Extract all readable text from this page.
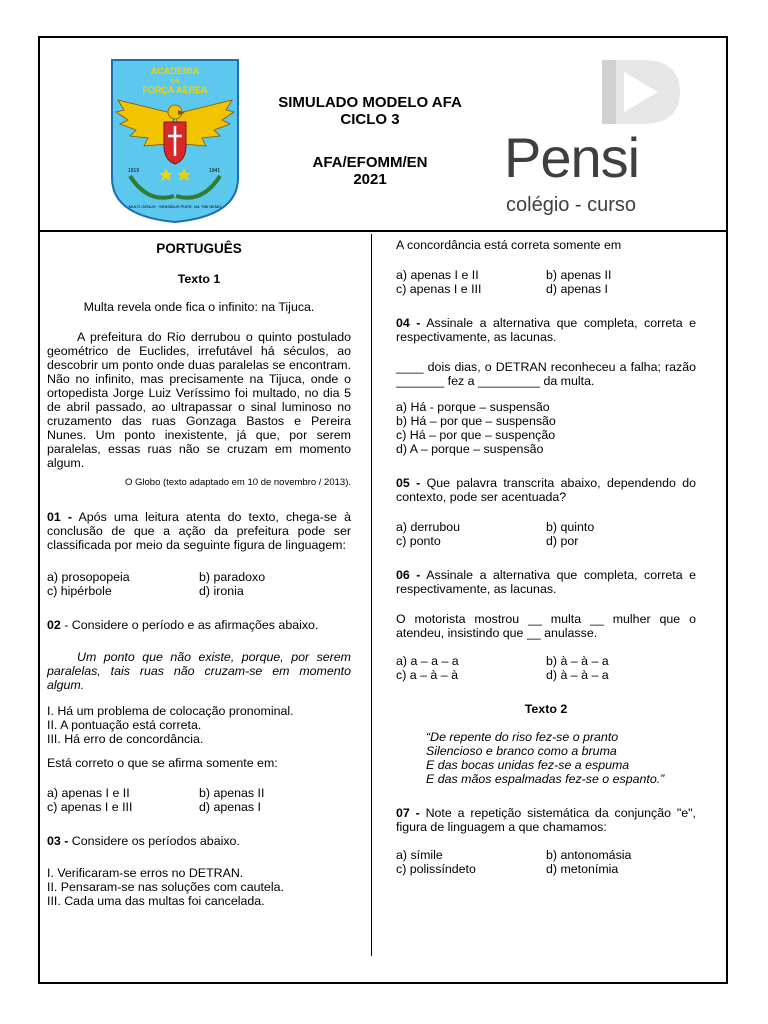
ACADEMIA
DA
FORÇA AÉREA
1919	1941
MULTI GENUS · SENSIBUS PUER, NIL TIBI NEMO
SIMULADO MODELO AFA
CICLO 3
AFA/EFOMM/EN
2021	Pensi
colégio - curso

PORTUGUÊS

Texto 1

Multa revela onde fica o infinito: na Tijuca.

A prefeitura do Rio derrubou o quinto postulado geométrico de Euclides, irrefutável há séculos, ao descobrir um ponto onde duas paralelas se encontram. Não no infinito, mas precisamente na Tijuca, onde o ortopedista Jorge Luiz Veríssimo foi multado, no dia 5 de abril passado, ao ultrapassar o sinal luminoso no cruzamento das ruas Gonzaga Bastos e Pereira Nunes. Um ponto inexistente, já que, por serem paralelas, essas ruas não se cruzam em momento algum.

O Globo (texto adaptado em 10 de novembro / 2013).

01 - Após uma leitura atenta do texto, chega-se à conclusão de que a ação da prefeitura pode ser classificada por meio da seguinte figura de linguagem:

a) prosopopeia	b) paradoxo
c) hipérbole	d) ironia

02 - Considere o período e as afirmações abaixo.

Um ponto que não existe, porque, por serem paralelas, tais ruas não cruzam-se em momento algum.

I. Há um problema de colocação pronominal.

II. A pontuação está correta.

III. Há erro de concordância.

Está correto o que se afirma somente em:

a) apenas I e II	b) apenas II
c) apenas I e III	d) apenas I

03 - Considere os períodos abaixo.

I. Verificaram-se erros no DETRAN.

II. Pensaram-se nas soluções com cautela.

III. Cada uma das multas foi cancelada.

A concordância está correta somente em

a) apenas I e II	b) apenas II
c) apenas I e III	d) apenas I

04 - Assinale a alternativa que completa, correta e respectivamente, as lacunas.

____ dois dias, o DETRAN reconheceu a falha; razão _______ fez a _________ da multa.

a) Há - porque – suspensão

b) Há – por que – suspensão

c) Há – por que – suspenção

d) A – porque – suspensão

05 - Que palavra transcrita abaixo, dependendo do contexto, pode ser acentuada?

a) derrubou	b) quinto
c) ponto	d) por

06 - Assinale a alternativa que completa, correta e respectivamente, as lacunas.

O motorista mostrou __ multa __ mulher que o atendeu, insistindo que __ anulasse.

a) a – a – a	b) à – à – a
c) a – à – à	d) à – à – a

Texto 2

“De repente do riso fez-se o pranto

Silencioso e branco como a bruma

E das bocas unidas fez-se a espuma

E das mãos espalmadas fez-se o espanto.”

07 - Note a repetição sistemática da conjunção "e", figura de linguagem a que chamamos:

a) símile	b) antonomásia
c) polissíndeto	d) metonímia
